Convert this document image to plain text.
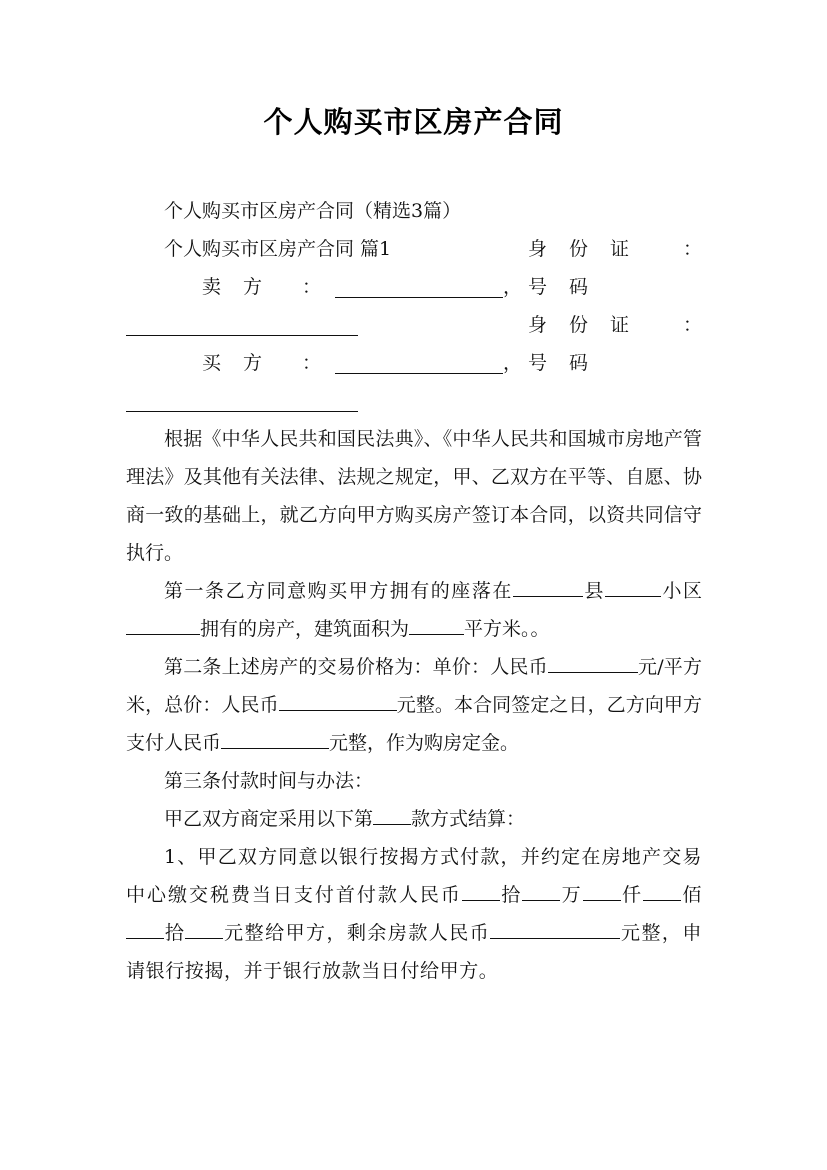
个人购买市区房产合同

个人购买市区房产合同（精选3篇）

个人购买市区房产合同 篇1

卖方 ：	，
身份证号码
：
买方 ：	，
身份证号码
：

根据《中华人民共和国民法典》、《中华人民共和国城市房地产管理法》及其他有关法律、法规之规定，甲、乙双方在平等、自愿、协商一致的基础上，就乙方向甲方购买房产签订本合同，以资共同信守执行。

第一条乙方同意购买甲方拥有的座落在	县	小区拥有的房产，建筑面积为	平方米。。

第二条上述房产的交易价格为：单价：人民币	元/平方米，总价：人民币	元整。本合同签定之日，乙方向甲方支付人民币	元整，作为购房定金。

第三条付款时间与办法：

甲乙双方商定采用以下第 款方式结算：

1、甲乙双方同意以银行按揭方式付款，并约定在房地产交易中心缴交税费当日支付首付款人民币 拾 万 仟 佰拾 元整给甲方，剩余房款人民币	元整，申请银行按揭，并于银行放款当日付给甲方。
